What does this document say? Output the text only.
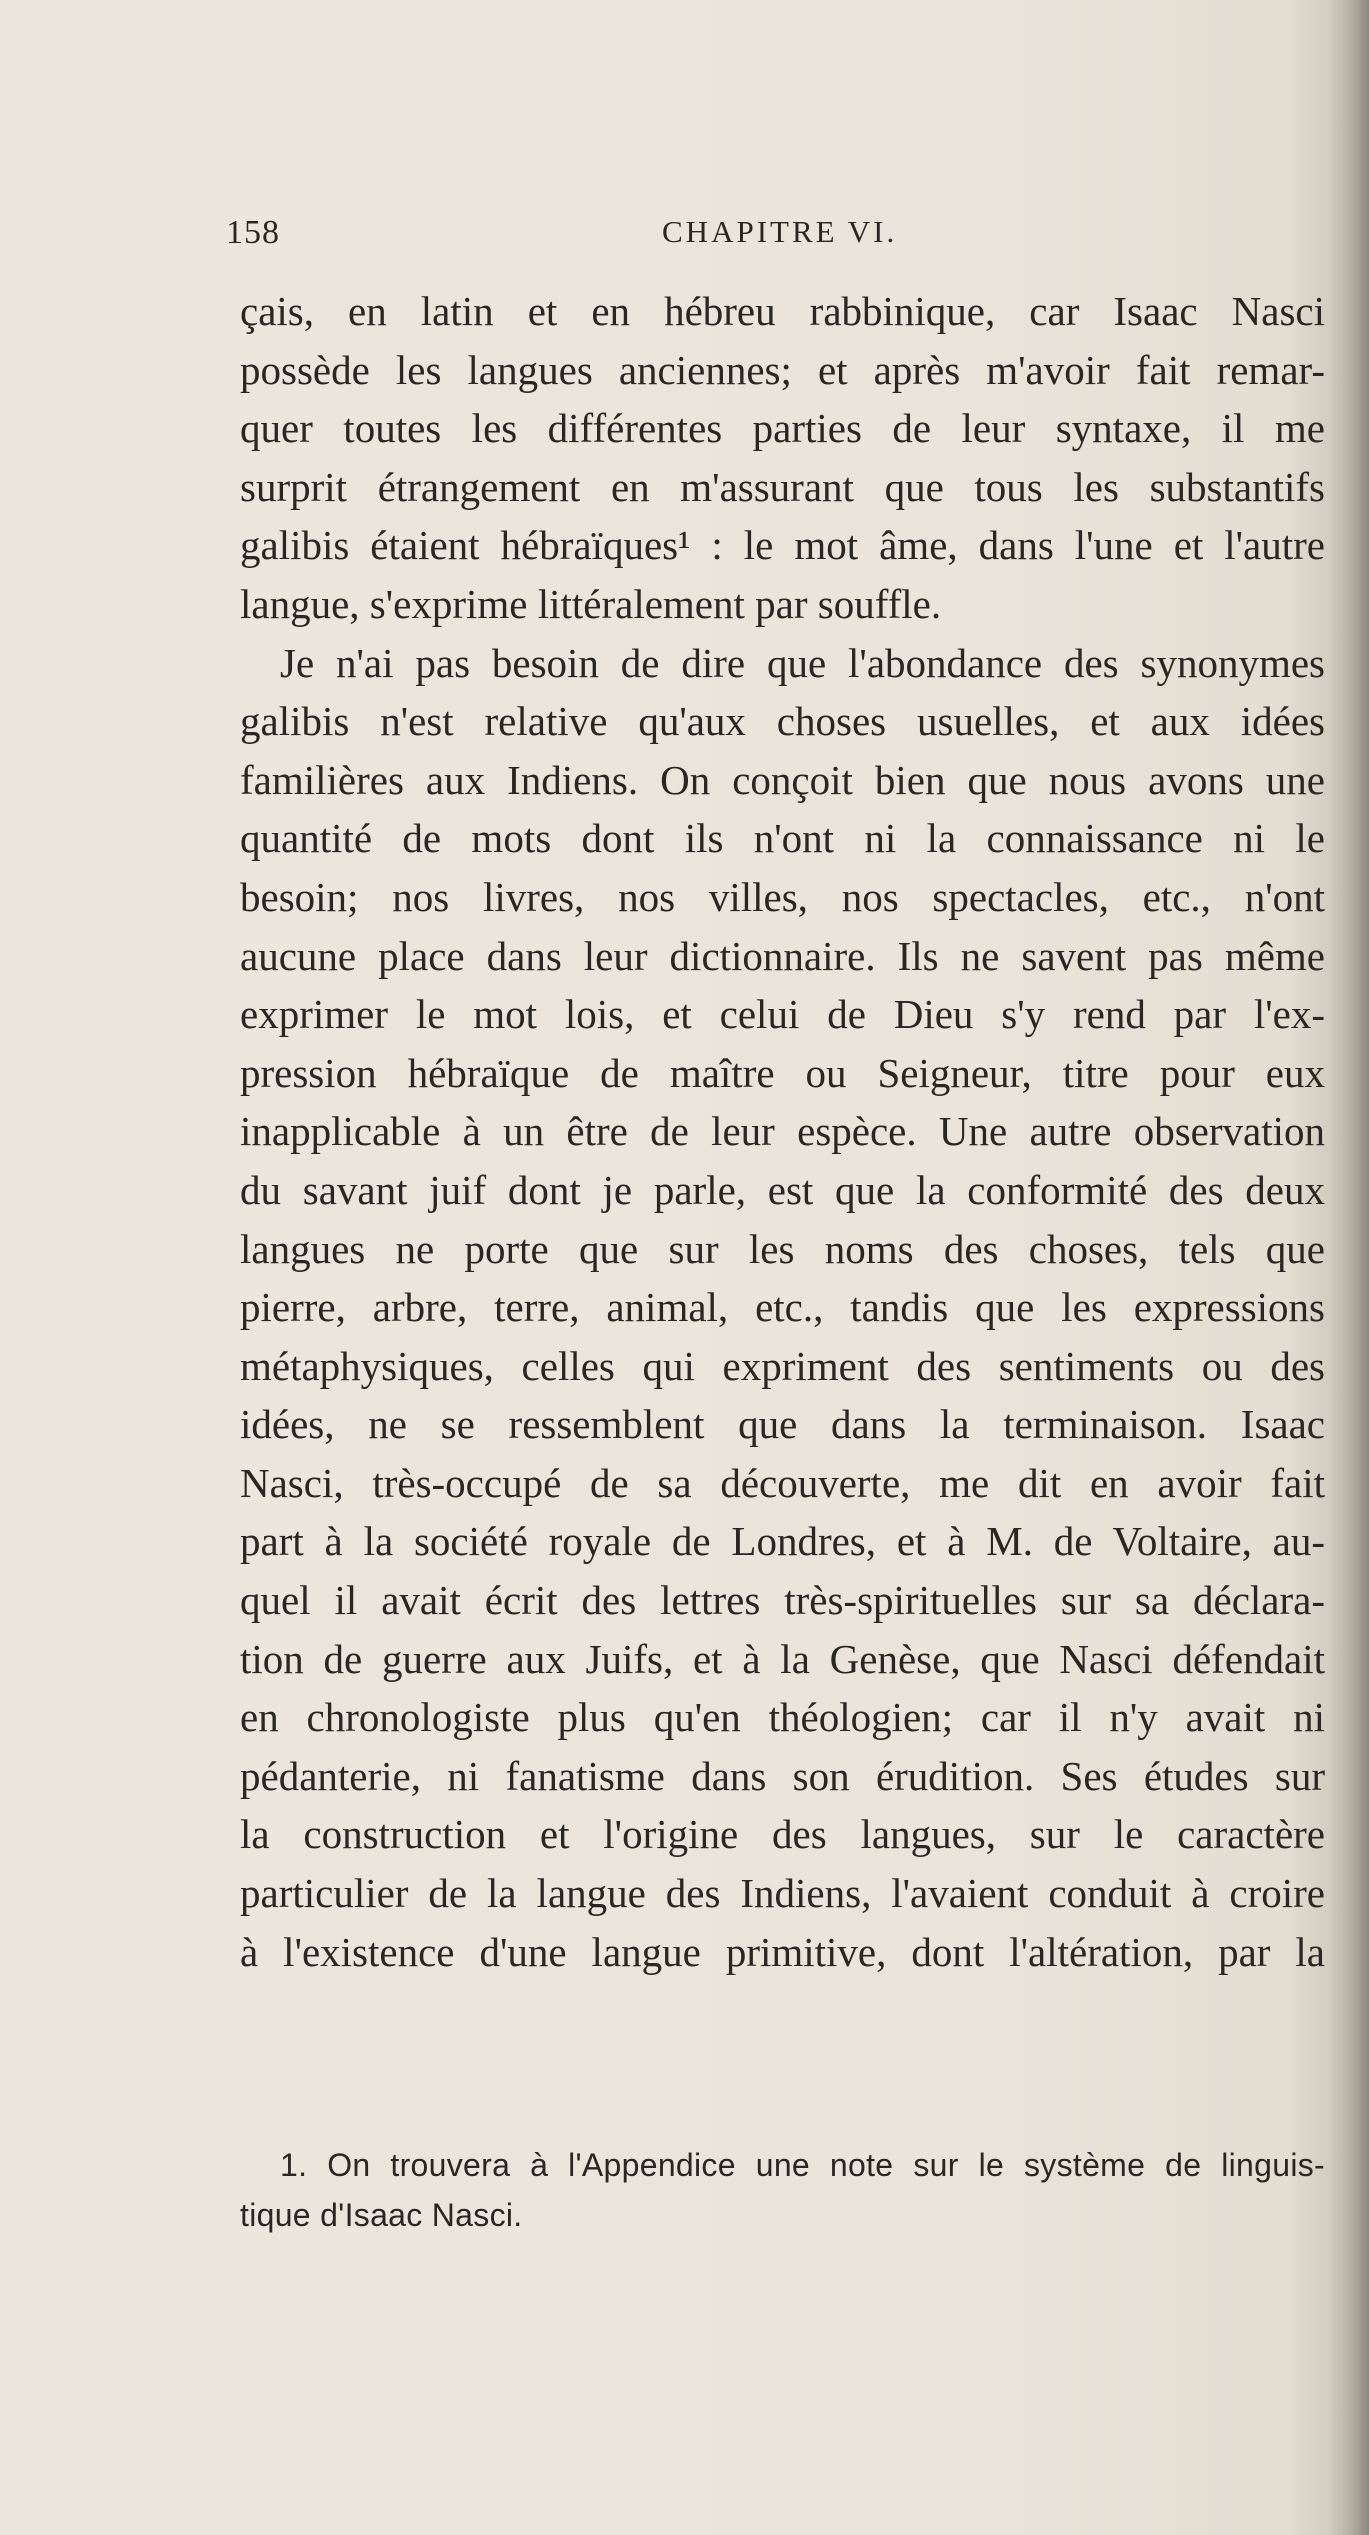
158	CHAPITRE VI.
çais, en latin et en hébreu rabbinique, car Isaac Nasci
possède les langues anciennes; et après m'avoir fait remar-
quer toutes les différentes parties de leur syntaxe, il me
surprit étrangement en m'assurant que tous les substantifs
galibis étaient hébraïques¹ : le mot âme, dans l'une et l'autre
langue, s'exprime littéralement par souffle.
Je n'ai pas besoin de dire que l'abondance des synonymes
galibis n'est relative qu'aux choses usuelles, et aux idées
familières aux Indiens. On conçoit bien que nous avons une
quantité de mots dont ils n'ont ni la connaissance ni le
besoin; nos livres, nos villes, nos spectacles, etc., n'ont
aucune place dans leur dictionnaire. Ils ne savent pas même
exprimer le mot lois, et celui de Dieu s'y rend par l'ex-
pression hébraïque de maître ou Seigneur, titre pour eux
inapplicable à un être de leur espèce. Une autre observation
du savant juif dont je parle, est que la conformité des deux
langues ne porte que sur les noms des choses, tels que
pierre, arbre, terre, animal, etc., tandis que les expressions
métaphysiques, celles qui expriment des sentiments ou des
idées, ne se ressemblent que dans la terminaison. Isaac
Nasci, très-occupé de sa découverte, me dit en avoir fait
part à la société royale de Londres, et à M. de Voltaire, au-
quel il avait écrit des lettres très-spirituelles sur sa déclara-
tion de guerre aux Juifs, et à la Genèse, que Nasci défendait
en chronologiste plus qu'en théologien; car il n'y avait ni
pédanterie, ni fanatisme dans son érudition. Ses études sur
la construction et l'origine des langues, sur le caractère
particulier de la langue des Indiens, l'avaient conduit à croire
à l'existence d'une langue primitive, dont l'altération, par la
1. On trouvera à l'Appendice une note sur le système de linguis-
tique d'Isaac Nasci.
